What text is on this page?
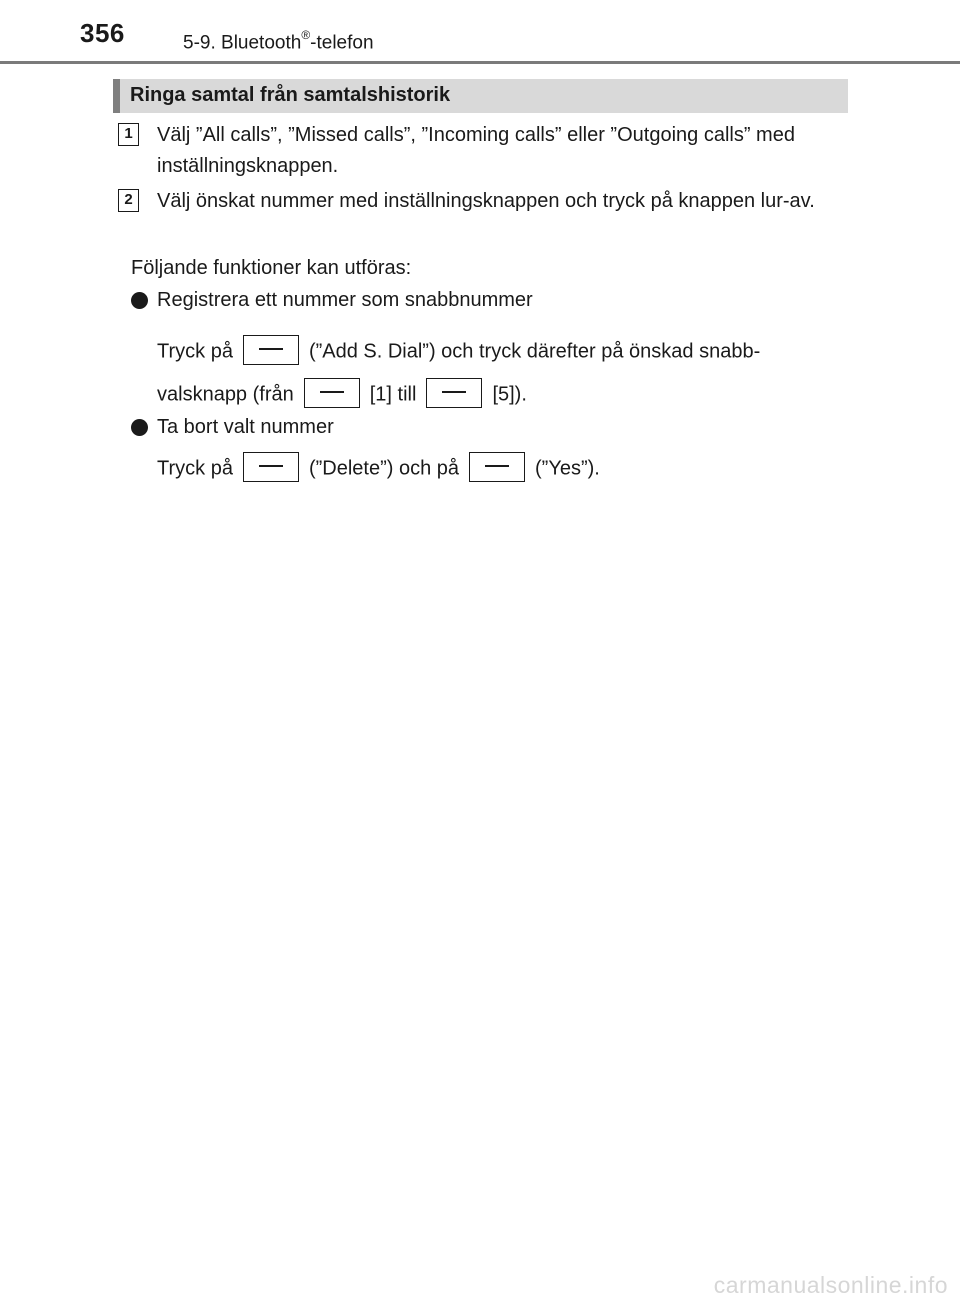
356	5-9. Bluetooth®-telefon
Ringa samtal från samtalshistorik
1	Välj ”All calls”, ”Missed calls”, ”Incoming calls” eller ”Outgoing calls” med inställningsknappen.
2	Välj önskat nummer med inställningsknappen och tryck på knappen lur-av.
Följande funktioner kan utföras:
Registrera ett nummer som snabbnummer
Tryck på	(”Add S. Dial”) och tryck därefter på önskad snabb-
valsknapp (från	[1] till	[5]).
Ta bort valt nummer
Tryck på	(”Delete”) och på	(”Yes”).
carmanualsonline.info
